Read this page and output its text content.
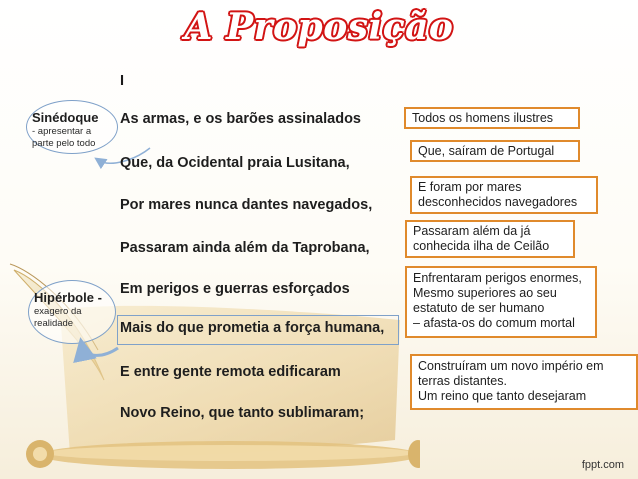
A Proposição
I
Sinédoque
- apresentar a parte pelo todo
Hipérbole -
exagero da realidade
As armas, e os barões assinalados
Que, da Ocidental praia Lusitana,
Por mares nunca dantes navegados,
Passaram ainda além da Taprobana,
Em perigos e guerras esforçados
Mais do que prometia a força humana,
E entre gente remota edificaram
Novo Reino, que tanto sublimaram;
Todos os homens ilustres
Que, saíram de Portugal
E foram por mares
desconhecidos navegadores
Passaram além da já
conhecida ilha de Ceilão
Enfrentaram perigos enormes,
Mesmo superiores ao seu
estatuto de ser humano
– afasta-os do comum mortal
Construíram um novo império em
terras distantes.
Um reino que tanto desejaram
fppt.com
